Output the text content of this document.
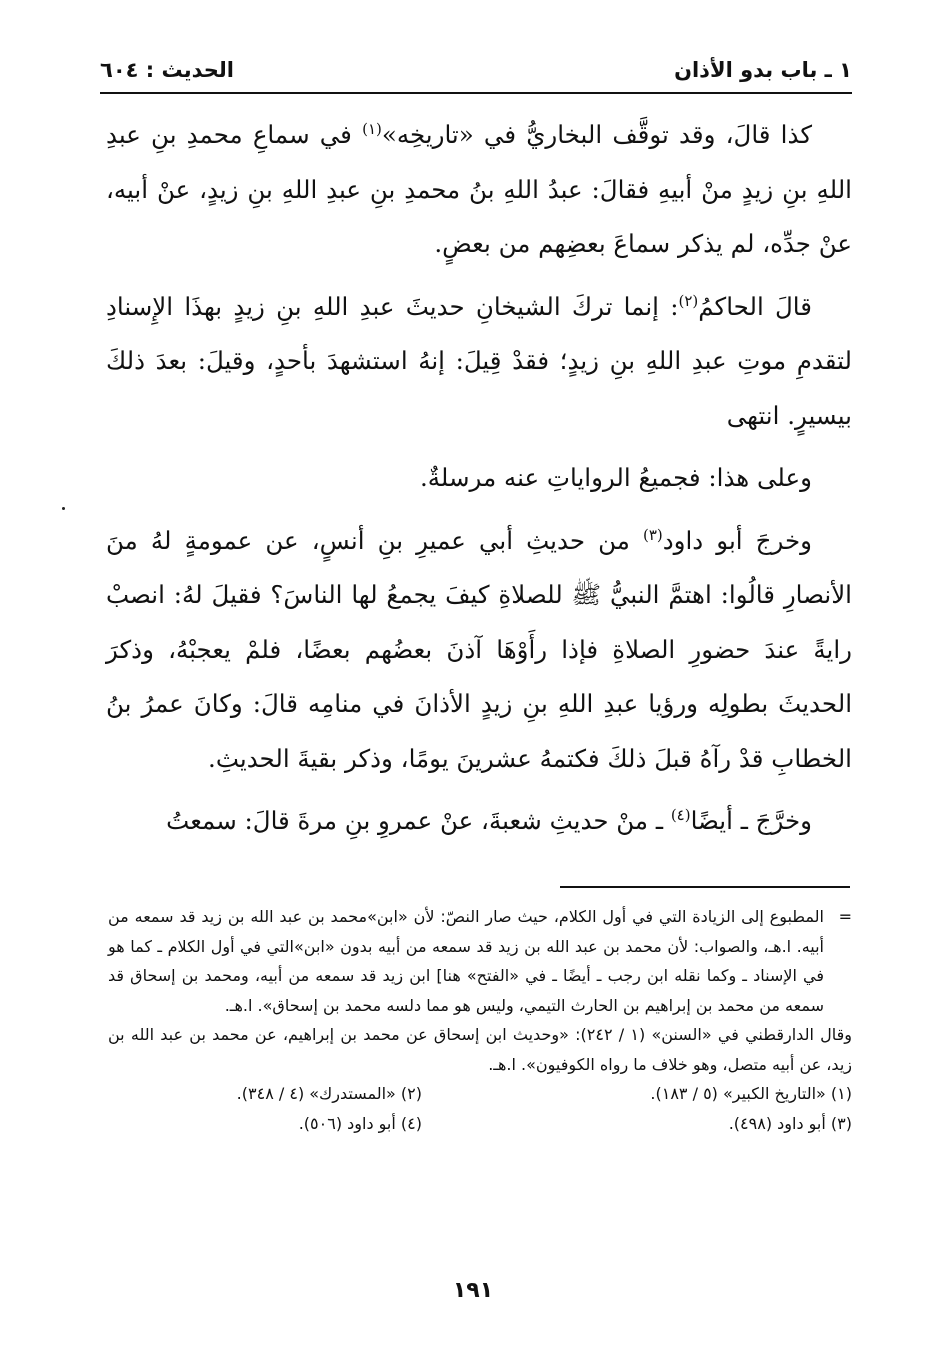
١ ـ باب بدو الأذان
الحديث : ٦٠٤

كذا قالَ، وقد توقَّف البخاريُّ في «تاريخِه»$^{(١)}$ في سماعِ محمدِ بنِ عبدِ اللهِ بنِ زيدٍ منْ أبيهِ فقالَ: عبدُ اللهِ بنُ محمدِ بنِ عبدِ اللهِ بنِ زيدٍ، عنْ أبيه، عنْ جدِّه، لم يذكر سماعَ بعضِهم من بعضٍ.

قالَ الحاكمُ$^{(٢)}$: إنما تركَ الشيخانِ حديثَ عبدِ اللهِ بنِ زيدٍ بهذَا الإِسنادِ لتقدمِ موتِ عبدِ اللهِ بنِ زيدٍ؛ فقدْ قِيلَ: إنهُ استشهدَ بأحدٍ، وقيلَ: بعدَ ذلكَ بيسيرٍ. انتهى

وعلى هذا: فجميعُ الرواياتِ عنه مرسلةٌ.

وخرجَ أبو داود$^{(٣)}$ من حديثِ أبي عميرِ بنِ أنسٍ، عن عمومةٍ لهُ منَ الأنصارِ قالُوا: اهتمَّ النبيُّ ﷺ للصلاةِ كيفَ يجمعُ لها الناسَ؟ فقيلَ لهُ: انصبْ رايةً عندَ حضورِ الصلاةِ فإذا رأَوْهَا آذنَ بعضُهم بعضًا، فلمْ يعجبْهُ، وذكرَ الحديثَ بطولِه ورؤيا عبدِ اللهِ بنِ زيدٍ الأذانَ في منامِه قالَ: وكانَ عمرُ بنُ الخطابِ قدْ رآهُ قبلَ ذلكَ فكتمهُ عشرينَ يومًا، وذكر بقيةَ الحديثِ.

وخرَّجَ ـ أيضًا$^{(٤)}$ ـ منْ حديثِ شعبةَ، عنْ عمروِ بنِ مرةَ قالَ: سمعتُ

=
المطبوع إلى الزيادة التي في أول الكلام، حيث صار النصّ: لأن «ابن»محمد بن عبد الله بن زيد قد سمعه من أبيه. ا.هـ، والصواب: لأن محمد بن عبد الله بن زيد قد سمعه من أبيه بدون «ابن»التي في أول الكلام ـ كما هو في الإسناد ـ وكما نقله ابن رجب ـ أيضًا ـ في «الفتح» هنا] ابن زيد قد سمعه من أبيه، ومحمد بن إسحاق قد سمعه من محمد بن إبراهيم بن الحارث التيمي، وليس هو مما دلسه محمد بن إسحاق». ا.هـ.

وقال الدارقطني في «السنن» (١ / ٢٤٢): «وحديث ابن إسحاق عن محمد بن إبراهيم، عن محمد بن عبد الله بن زيد، عن أبيه متصل، وهو خلاف ما رواه الكوفيون». ا.هـ.

(١) «التاريخ الكبير» (٥ / ١٨٣).
(٢) «المستدرك» (٤ / ٣٤٨).
(٣) أبو داود (٤٩٨).
(٤) أبو داود (٥٠٦).
١٩١
